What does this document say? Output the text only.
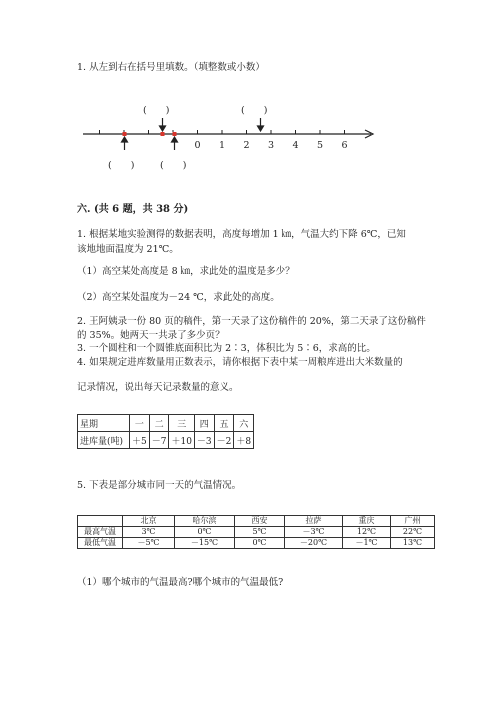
1. 从左到右在括号里填数。（填整数或小数）
(　　)	(　　)
(　　)	(　　)
0 1 2 3 4 5 6
六. (共 6 题，共 38 分)
1. 根据某地实验测得的数据表明，高度每增加 1 ㎞，气温大约下降 6℃，已知
该地地面温度为 21℃。
（1）高空某处高度是 8 ㎞，求此处的温度是多少？
（2）高空某处温度为－24 ℃，求此处的高度。
2. 王阿姨录一份 80 页的稿件，第一天录了这份稿件的 20%，第二天录了这份稿件
的 35%。她两天一共录了多少页？
3. 一个圆柱和一个圆锥底面积比为 2∶3，体积比为 5∶6，求高的比。
4. 如果规定进库数量用正数表示，请你根据下表中某一周粮库进出大米数量的
记录情况，说出每天记录数量的意义。
星期	一	二	三	四	五	六
进库量(吨)	＋5	－7	＋10	－3	－2	＋8
5. 下表是部分城市同一天的气温情况。
	北京	哈尔滨	西安	拉萨	重庆	广州
最高气温	3℃	0℃	5℃	－3℃	12℃	22℃
最低气温	－5℃	－15℃	0℃	－20℃	－1℃	13℃
（1）哪个城市的气温最高?哪个城市的气温最低?
